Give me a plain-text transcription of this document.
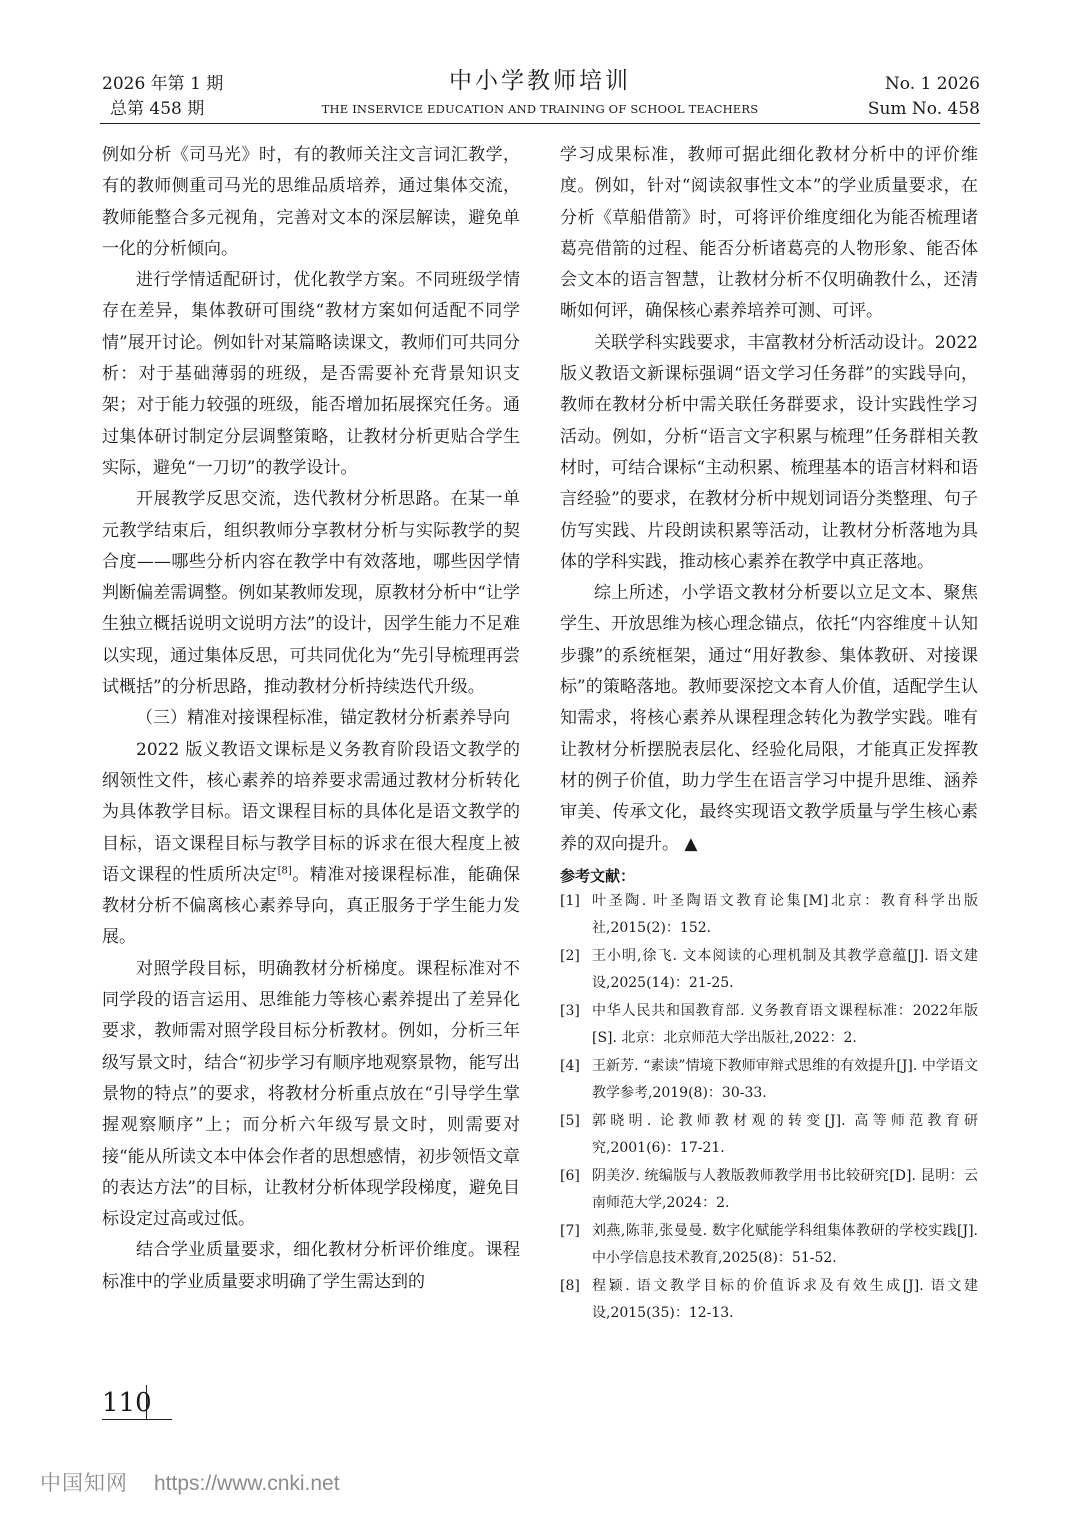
2026 年第 1 期
总第 458 期
中小学教师培训
THE INSERVICE EDUCATION AND TRAINING OF SCHOOL TEACHERS
No. 1 2026
Sum No. 458

例如分析《司马光》时，有的教师关注文言词汇教学，有的教师侧重司马光的思维品质培养，通过集体交流，教师能整合多元视角，完善对文本的深层解读，避免单一化的分析倾向。

进行学情适配研讨，优化教学方案。不同班级学情存在差异，集体教研可围绕“教材方案如何适配不同学情”展开讨论。例如针对某篇略读课文，教师们可共同分析：对于基础薄弱的班级，是否需要补充背景知识支架；对于能力较强的班级，能否增加拓展探究任务。通过集体研讨制定分层调整策略，让教材分析更贴合学生实际，避免“一刀切”的教学设计。

开展教学反思交流，迭代教材分析思路。在某一单元教学结束后，组织教师分享教材分析与实际教学的契合度——哪些分析内容在教学中有效落地，哪些因学情判断偏差需调整。例如某教师发现，原教材分析中“让学生独立概括说明文说明方法”的设计，因学生能力不足难以实现，通过集体反思，可共同优化为“先引导梳理再尝试概括”的分析思路，推动教材分析持续迭代升级。

（三）精准对接课程标准，锚定教材分析素养导向

2022 版义教语文课标是义务教育阶段语文教学的纲领性文件，核心素养的培养要求需通过教材分析转化为具体教学目标。语文课程目标的具体化是语文教学的目标，语文课程目标与教学目标的诉求在很大程度上被语文课程的性质所决定[8]。精准对接课程标准，能确保教材分析不偏离核心素养导向，真正服务于学生能力发展。

对照学段目标，明确教材分析梯度。课程标准对不同学段的语言运用、思维能力等核心素养提出了差异化要求，教师需对照学段目标分析教材。例如，分析三年级写景文时，结合“初步学习有顺序地观察景物，能写出景物的特点”的要求，将教材分析重点放在“引导学生掌握观察顺序”上；而分析六年级写景文时，则需要对接“能从所读文本中体会作者的思想感情，初步领悟文章的表达方法”的目标，让教材分析体现学段梯度，避免目标设定过高或过低。

结合学业质量要求，细化教材分析评价维度。课程标准中的学业质量要求明确了学生需达到的

学习成果标准，教师可据此细化教材分析中的评价维度。例如，针对“阅读叙事性文本”的学业质量要求，在分析《草船借箭》时，可将评价维度细化为能否梳理诸葛亮借箭的过程、能否分析诸葛亮的人物形象、能否体会文本的语言智慧，让教材分析不仅明确教什么，还清晰如何评，确保核心素养培养可测、可评。

关联学科实践要求，丰富教材分析活动设计。2022 版义教语文新课标强调“语文学习任务群”的实践导向，教师在教材分析中需关联任务群要求，设计实践性学习活动。例如，分析“语言文字积累与梳理”任务群相关教材时，可结合课标“主动积累、梳理基本的语言材料和语言经验”的要求，在教材分析中规划词语分类整理、句子仿写实践、片段朗读积累等活动，让教材分析落地为具体的学科实践，推动核心素养在教学中真正落地。

综上所述，小学语文教材分析要以立足文本、聚焦学生、开放思维为核心理念锚点，依托“内容维度＋认知步骤”的系统框架，通过“用好教参、集体教研、对接课标”的策略落地。教师要深挖文本育人价值，适配学生认知需求，将核心素养从课程理念转化为教学实践。唯有让教材分析摆脱表层化、经验化局限，才能真正发挥教材的例子价值，助力学生在语言学习中提升思维、涵养审美、传承文化，最终实现语文教学质量与学生核心素养的双向提升。 ▲

参考文献：
[1] 叶圣陶. 叶圣陶语文教育论集[M]北京：教育科学出版社,2015(2)：152.
[2] 王小明,徐飞. 文本阅读的心理机制及其教学意蕴[J]. 语文建设,2025(14)：21-25.
[3] 中华人民共和国教育部. 义务教育语文课程标准：2022年版[S]. 北京：北京师范大学出版社,2022：2.
[4] 王新芳. “素读”情境下教师审辩式思维的有效提升[J]. 中学语文教学参考,2019(8)：30-33.
[5] 郭晓明. 论教师教材观的转变[J]. 高等师范教育研究,2001(6)：17-21.
[6] 阴美汐. 统编版与人教版教师教学用书比较研究[D]. 昆明：云南师范大学,2024：2.
[7] 刘燕,陈菲,张曼曼. 数字化赋能学科组集体教研的学校实践[J]. 中小学信息技术教育,2025(8)：51-52.
[8] 程颖. 语文教学目标的价值诉求及有效生成[J]. 语文建设,2015(35)：12-13.
110
中国知网 https://www.cnki.net
